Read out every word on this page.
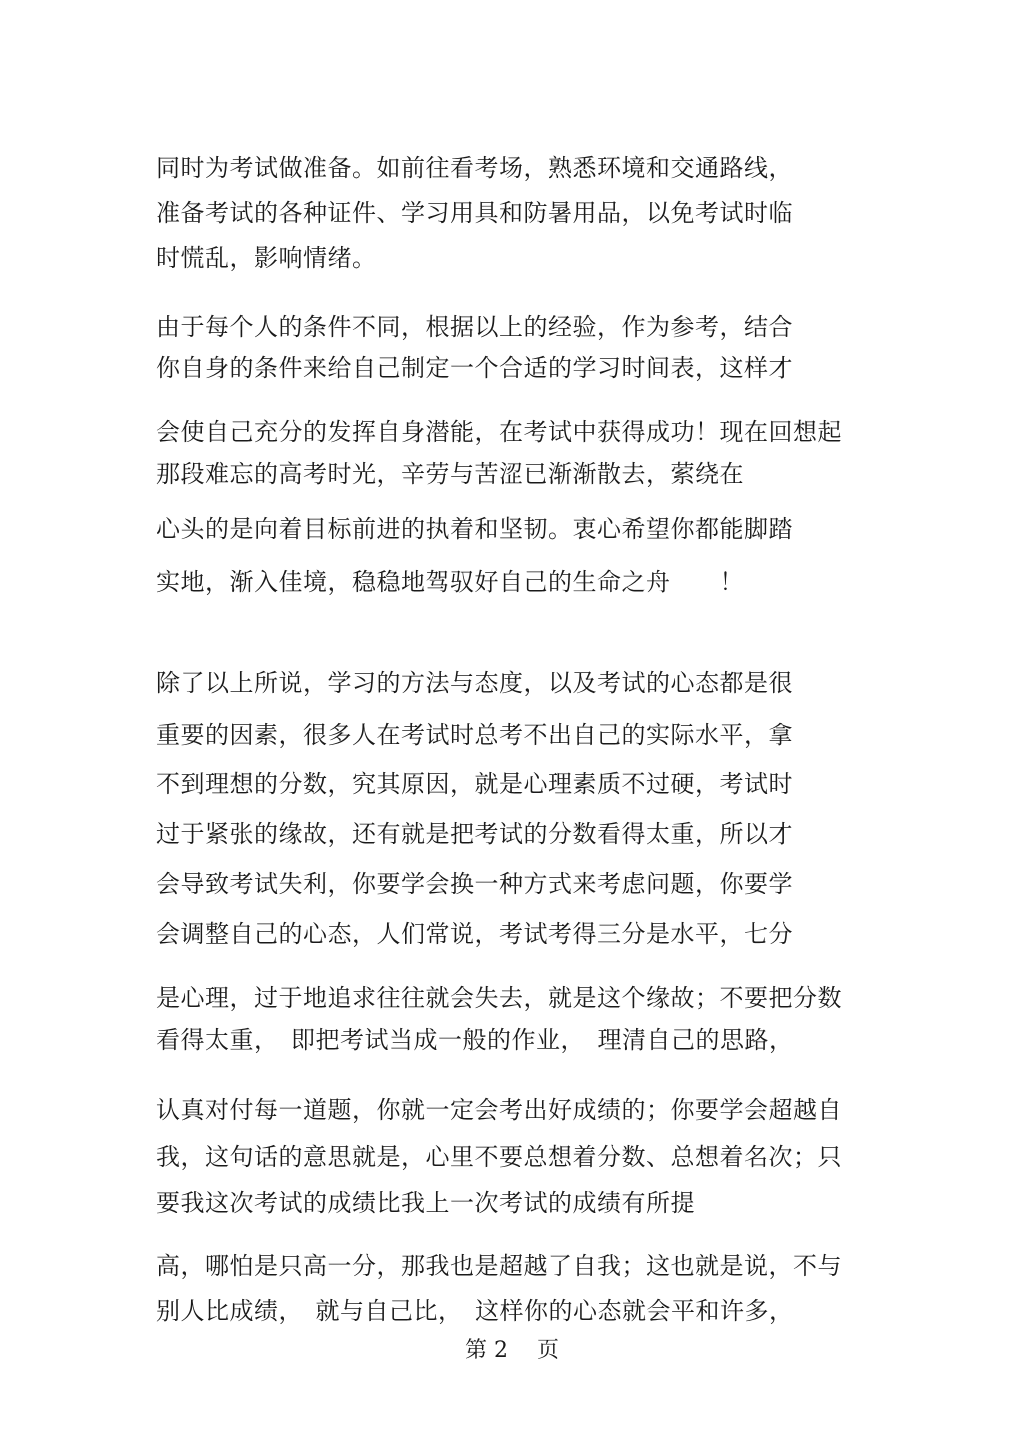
同时为考试做准备。如前往看考场，熟悉环境和交通路线，
准备考试的各种证件、学习用具和防暑用品，以免考试时临
时慌乱，影响情绪。
由于每个人的条件不同，根据以上的经验，作为参考，结合
你自身的条件来给自己制定一个合适的学习时间表，这样才
会使自己充分的发挥自身潜能，在考试中获得成功！现在回想起
那段难忘的高考时光，辛劳与苦涩已渐渐散去，萦绕在
心头的是向着目标前进的执着和坚韧。衷心希望你都能脚踏
实地，渐入佳境，稳稳地驾驭好自己的生命之舟　　！
除了以上所说，学习的方法与态度，以及考试的心态都是很
重要的因素，很多人在考试时总考不出自己的实际水平，拿
不到理想的分数，究其原因，就是心理素质不过硬，考试时
过于紧张的缘故，还有就是把考试的分数看得太重，所以才
会导致考试失利，你要学会换一种方式来考虑问题，你要学
会调整自己的心态，人们常说，考试考得三分是水平，七分
是心理，过于地追求往往就会失去，就是这个缘故；不要把分数
看得太重，　即把考试当成一般的作业，　理清自己的思路，
认真对付每一道题，你就一定会考出好成绩的；你要学会超越自
我，这句话的意思就是，心里不要总想着分数、总想着名次；只
要我这次考试的成绩比我上一次考试的成绩有所提
高，哪怕是只高一分，那我也是超越了自我；这也就是说，不与
别人比成绩，　就与自己比，　这样你的心态就会平和许多，
第 2　 页
